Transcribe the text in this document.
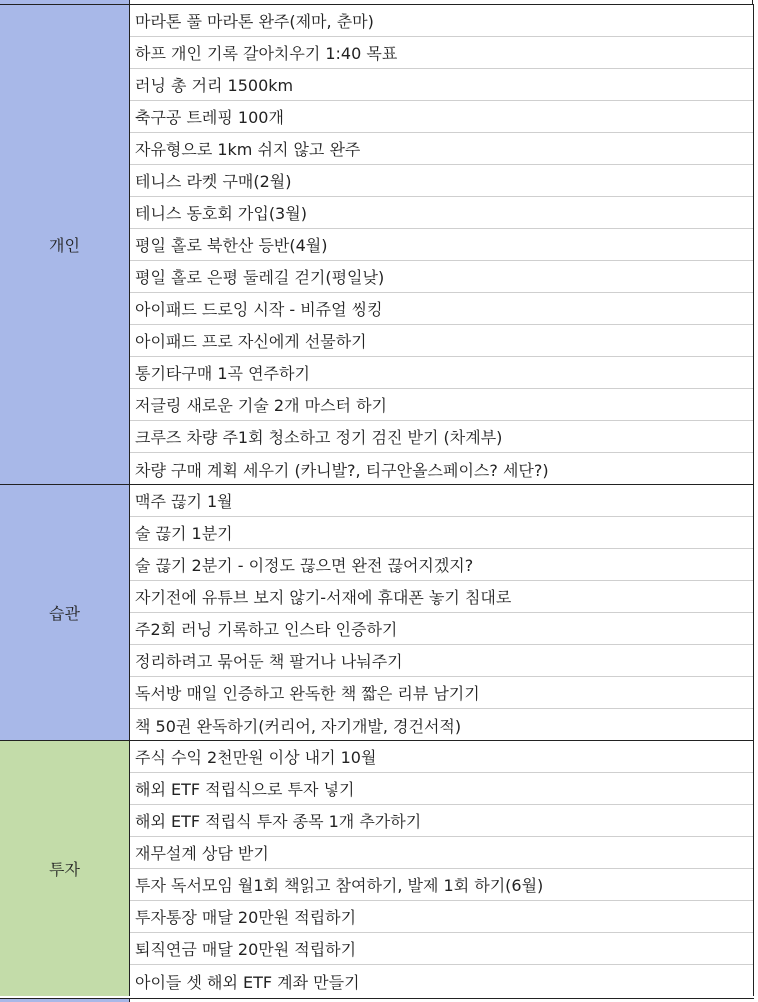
개인
마라톤 풀 마라톤 완주(제마, 춘마)
하프 개인 기록 갈아치우기 1:40 목표
러닝 총 거리 1500km
축구공 트레핑 100개
자유형으로 1km 쉬지 않고 완주
테니스 라켓 구매(2월)
테니스 동호회 가입(3월)
평일 홀로 북한산 등반(4월)
평일 홀로 은평 둘레길 걷기(평일낮)
아이패드 드로잉 시작 - 비쥬얼 씽킹
아이패드 프로 자신에게 선물하기
통기타구매 1곡 연주하기
저글링 새로운 기술 2개 마스터 하기
크루즈 차량 주1회 청소하고 정기 검진 받기 (차계부)
차량 구매 계획 세우기 (카니발?, 티구안올스페이스? 세단?)
습관
맥주 끊기 1월
술 끊기 1분기
술 끊기 2분기 - 이정도 끊으면 완전 끊어지겠지?
자기전에 유튜브 보지 않기-서재에 휴대폰 놓기 침대로
주2회 러닝 기록하고 인스타 인증하기
정리하려고 묶어둔 책 팔거나 나눠주기
독서방 매일 인증하고 완독한 책 짧은 리뷰 남기기
책 50권 완독하기(커리어, 자기개발, 경건서적)
투자
주식 수익 2천만원 이상 내기 10월
해외 ETF 적립식으로 투자 넣기
해외 ETF 적립식 투자 종목 1개 추가하기
재무설계 상담 받기
투자 독서모임 월1회 책읽고 참여하기, 발제 1회 하기(6월)
투자통장 매달 20만원 적립하기
퇴직연금 매달 20만원 적립하기
아이들 셋 해외 ETF 계좌 만들기
